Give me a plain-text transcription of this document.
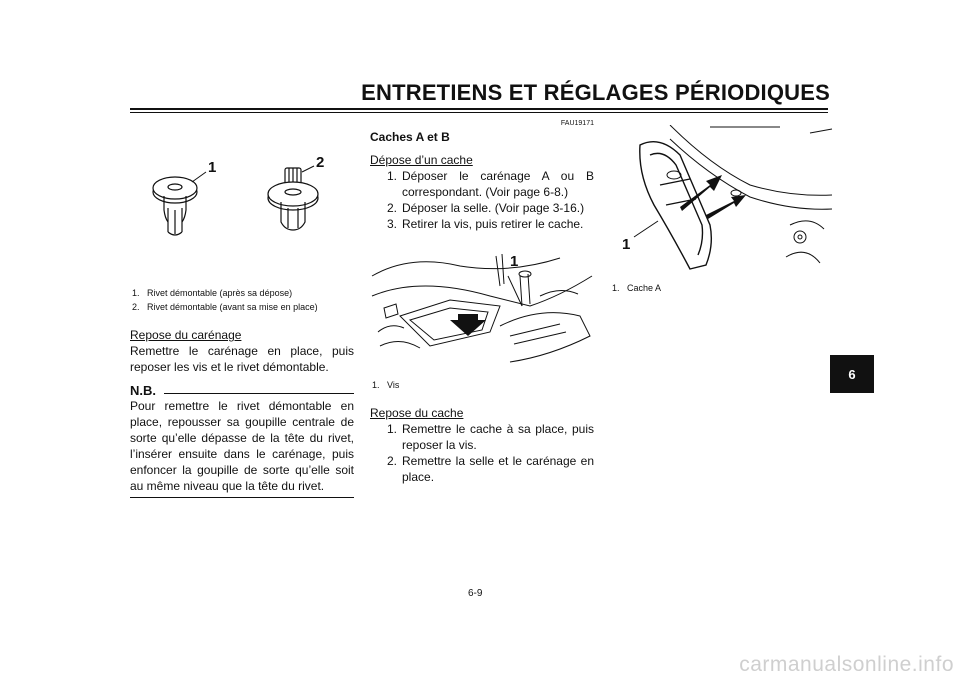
ENTRETIENS ET RÉGLAGES PÉRIODIQUES
1	2
1. Rivet démontable (après sa dépose)
2. Rivet démontable (avant sa mise en place)
Repose du carénage
Remettre le carénage en place, puis reposer les vis et le rivet démontable.
N.B.
Pour remettre le rivet démontable en place, repousser sa goupille centrale de sorte qu’elle dépasse de la tête du rivet, l’insérer ensuite dans le carénage, puis enfoncer la goupille de sorte qu’elle soit au même niveau que la tête du rivet.
FAU19171
Caches A et B
Dépose d’un cache
1. Déposer le carénage A ou B correspondant. (Voir page 6-8.)
2. Déposer la selle. (Voir page 3-16.)
3. Retirer la vis, puis retirer le cache.
1
1. Vis
Repose du cache
1. Remettre le cache à sa place, puis reposer la vis.
2. Remettre la selle et le carénage en place.
1
1. Cache A
6
6-9
carmanualsonline.info
